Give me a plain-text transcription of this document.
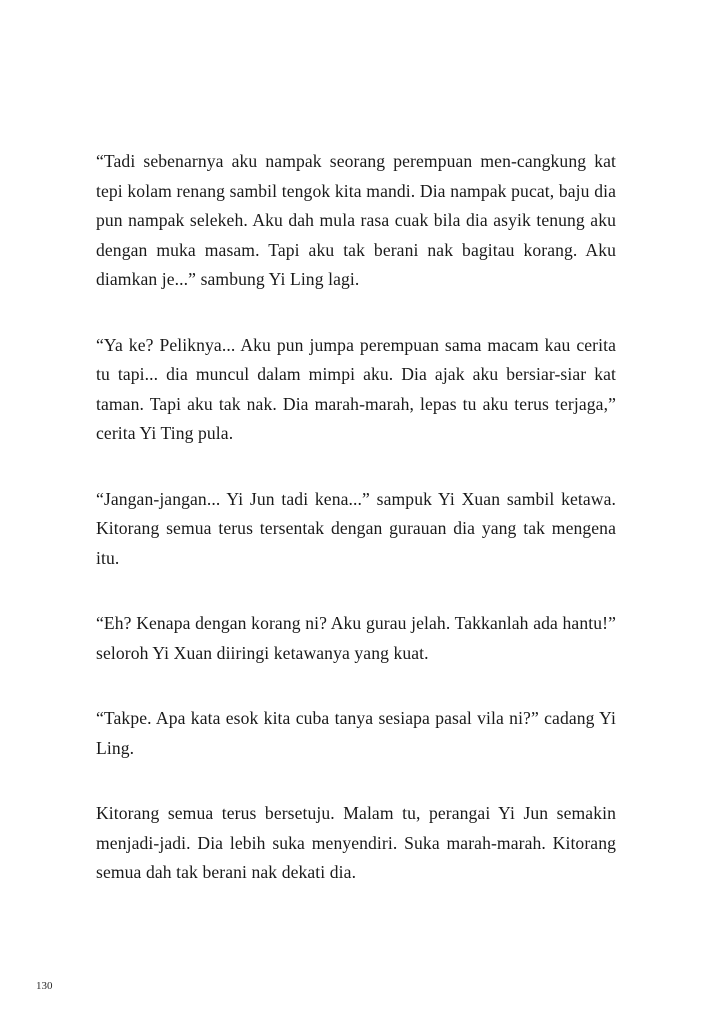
“Tadi sebenarnya aku nampak seorang perempuan men-cangkung kat tepi kolam renang sambil tengok kita mandi. Dia nampak pucat, baju dia pun nampak selekeh. Aku dah mula rasa cuak bila dia asyik tenung aku dengan muka masam. Tapi aku tak berani nak bagitau korang. Aku diamkan je...” sambung Yi Ling lagi.

“Ya ke? Peliknya... Aku pun jumpa perempuan sama macam kau cerita tu tapi... dia muncul dalam mimpi aku. Dia ajak aku bersiar-siar kat taman. Tapi aku tak nak. Dia marah-marah, lepas tu aku terus terjaga,” cerita Yi Ting pula.

“Jangan-jangan... Yi Jun tadi kena...” sampuk Yi Xuan sambil ketawa. Kitorang semua terus tersentak dengan gurauan dia yang tak mengena itu.

“Eh? Kenapa dengan korang ni? Aku gurau jelah. Takkanlah ada hantu!” seloroh Yi Xuan diiringi ketawanya yang kuat.

“Takpe. Apa kata esok kita cuba tanya sesiapa pasal vila ni?” cadang Yi Ling.

Kitorang semua terus bersetuju. Malam tu, perangai Yi Jun semakin menjadi-jadi. Dia lebih suka menyendiri. Suka marah-marah. Kitorang semua dah tak berani nak dekati dia.

130
